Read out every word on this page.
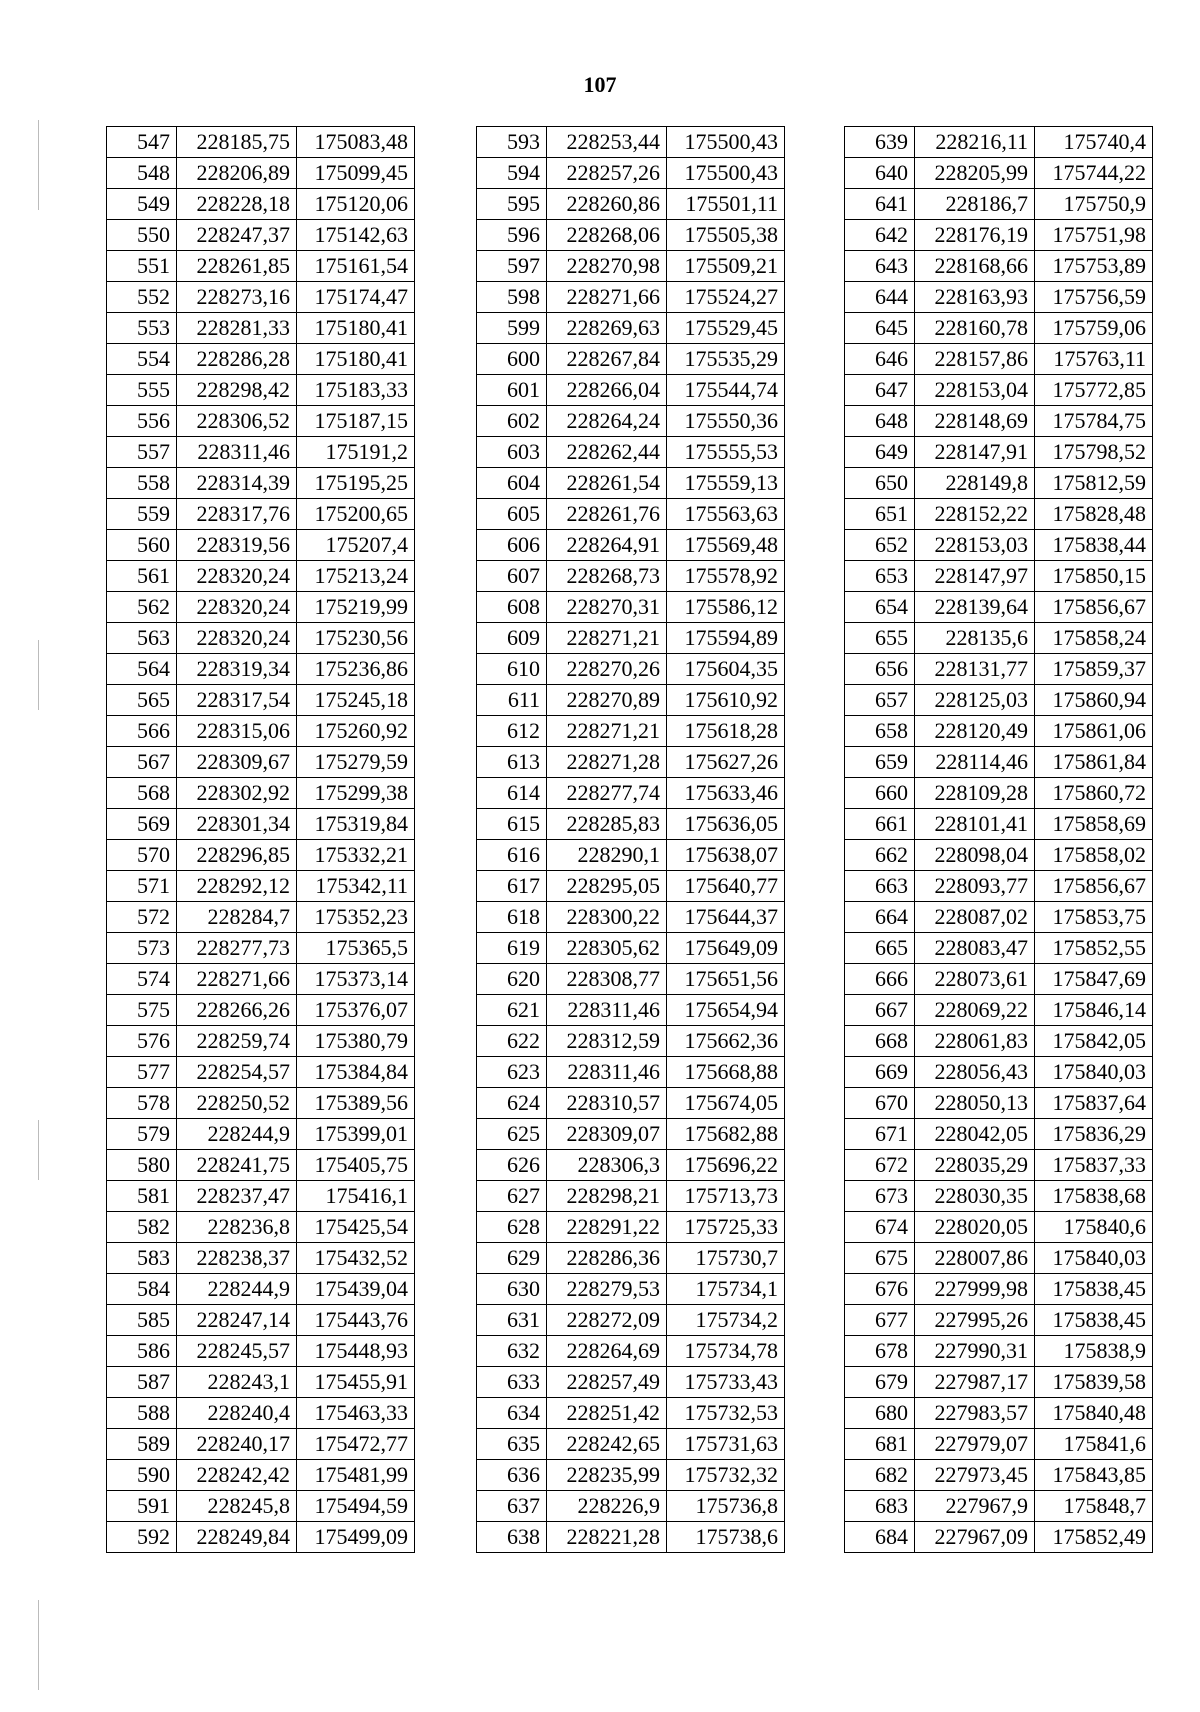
107
547	228185,75	175083,48
548	228206,89	175099,45
549	228228,18	175120,06
550	228247,37	175142,63
551	228261,85	175161,54
552	228273,16	175174,47
553	228281,33	175180,41
554	228286,28	175180,41
555	228298,42	175183,33
556	228306,52	175187,15
557	228311,46	175191,2
558	228314,39	175195,25
559	228317,76	175200,65
560	228319,56	175207,4
561	228320,24	175213,24
562	228320,24	175219,99
563	228320,24	175230,56
564	228319,34	175236,86
565	228317,54	175245,18
566	228315,06	175260,92
567	228309,67	175279,59
568	228302,92	175299,38
569	228301,34	175319,84
570	228296,85	175332,21
571	228292,12	175342,11
572	228284,7	175352,23
573	228277,73	175365,5
574	228271,66	175373,14
575	228266,26	175376,07
576	228259,74	175380,79
577	228254,57	175384,84
578	228250,52	175389,56
579	228244,9	175399,01
580	228241,75	175405,75
581	228237,47	175416,1
582	228236,8	175425,54
583	228238,37	175432,52
584	228244,9	175439,04
585	228247,14	175443,76
586	228245,57	175448,93
587	228243,1	175455,91
588	228240,4	175463,33
589	228240,17	175472,77
590	228242,42	175481,99
591	228245,8	175494,59
592	228249,84	175499,09
593	228253,44	175500,43
594	228257,26	175500,43
595	228260,86	175501,11
596	228268,06	175505,38
597	228270,98	175509,21
598	228271,66	175524,27
599	228269,63	175529,45
600	228267,84	175535,29
601	228266,04	175544,74
602	228264,24	175550,36
603	228262,44	175555,53
604	228261,54	175559,13
605	228261,76	175563,63
606	228264,91	175569,48
607	228268,73	175578,92
608	228270,31	175586,12
609	228271,21	175594,89
610	228270,26	175604,35
611	228270,89	175610,92
612	228271,21	175618,28
613	228271,28	175627,26
614	228277,74	175633,46
615	228285,83	175636,05
616	228290,1	175638,07
617	228295,05	175640,77
618	228300,22	175644,37
619	228305,62	175649,09
620	228308,77	175651,56
621	228311,46	175654,94
622	228312,59	175662,36
623	228311,46	175668,88
624	228310,57	175674,05
625	228309,07	175682,88
626	228306,3	175696,22
627	228298,21	175713,73
628	228291,22	175725,33
629	228286,36	175730,7
630	228279,53	175734,1
631	228272,09	175734,2
632	228264,69	175734,78
633	228257,49	175733,43
634	228251,42	175732,53
635	228242,65	175731,63
636	228235,99	175732,32
637	228226,9	175736,8
638	228221,28	175738,6
639	228216,11	175740,4
640	228205,99	175744,22
641	228186,7	175750,9
642	228176,19	175751,98
643	228168,66	175753,89
644	228163,93	175756,59
645	228160,78	175759,06
646	228157,86	175763,11
647	228153,04	175772,85
648	228148,69	175784,75
649	228147,91	175798,52
650	228149,8	175812,59
651	228152,22	175828,48
652	228153,03	175838,44
653	228147,97	175850,15
654	228139,64	175856,67
655	228135,6	175858,24
656	228131,77	175859,37
657	228125,03	175860,94
658	228120,49	175861,06
659	228114,46	175861,84
660	228109,28	175860,72
661	228101,41	175858,69
662	228098,04	175858,02
663	228093,77	175856,67
664	228087,02	175853,75
665	228083,47	175852,55
666	228073,61	175847,69
667	228069,22	175846,14
668	228061,83	175842,05
669	228056,43	175840,03
670	228050,13	175837,64
671	228042,05	175836,29
672	228035,29	175837,33
673	228030,35	175838,68
674	228020,05	175840,6
675	228007,86	175840,03
676	227999,98	175838,45
677	227995,26	175838,45
678	227990,31	175838,9
679	227987,17	175839,58
680	227983,57	175840,48
681	227979,07	175841,6
682	227973,45	175843,85
683	227967,9	175848,7
684	227967,09	175852,49
